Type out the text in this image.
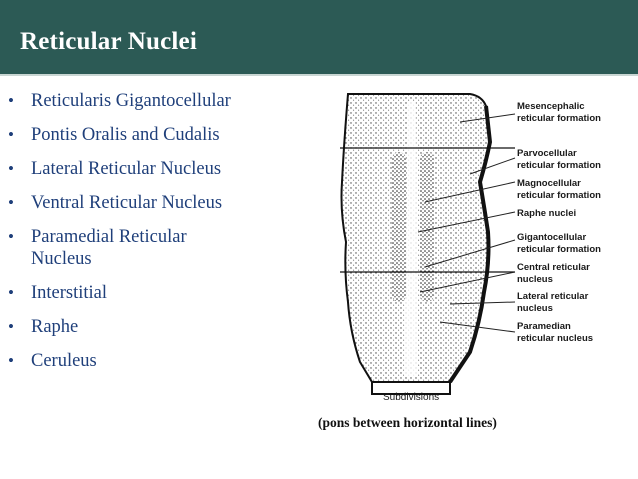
Reticular Nuclei
• Reticularis Gigantocellular
• Pontis Oralis and Cudalis
• Lateral Reticular Nucleus
• Ventral Reticular Nucleus
• Paramedial Reticular
Nucleus
• Interstitial
• Raphe
• Ceruleus
Mesencephalic
reticular formation
Parvocellular
reticular formation
Magnocellular
reticular formation
Raphe nuclei
Gigantocellular
reticular formation
Central reticular
nucleus
Lateral reticular
nucleus
Paramedian
reticular nucleus
Subdivisions
(pons between horizontal lines)
